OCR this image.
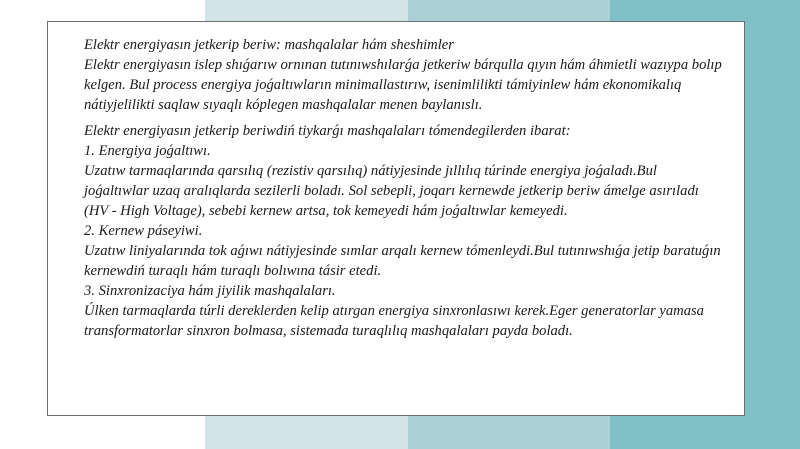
Elektr energiyasın jetkerip beriw: mashqalalar hám sheshimler

Elektr energiyasın islep shıǵarıw ornınan tutınıwshılarǵa jetkeriw bárqulla qıyın hám áhmietli wazıypa bolıp kelgen. Bul process energiya joǵaltıwların minimallastırıw, isenimlilikti támiyinlew hám ekonomikalıq nátiyjelilikti saqlaw sıyaqlı kóplegen mashqalalar menen baylanıslı.

Elektr energiyasın jetkerip beriwdiń tiykarǵı mashqalaları tómendegilerden ibarat:

1. Energiya joǵaltıwı.

Uzatıw tarmaqlarında qarsılıq (rezistiv qarsılıq) nátiyjesinde jıllılıq túrinde energiya joǵaladı.Bul joǵaltıwlar uzaq aralıqlarda sezilerli boladı. Sol sebepli, joqarı kernewde jetkerip beriw ámelge asırıladı (HV - High Voltage), sebebi kernew artsa, tok kemeyedi hám joǵaltıwlar kemeyedi.

2. Kernew páseyiwi.

Uzatıw liniyalarında tok aǵıwı nátiyjesinde sımlar arqalı kernew tómenleydi.Bul tutınıwshıǵa jetip baratuǵın kernewdiń turaqlı hám turaqlı bolıwına tásir etedi.

3. Sinxronizaciya hám jiyilik mashqalaları.

Úlken tarmaqlarda túrli dereklerden kelip atırgan energiya sinxronlasıwı kerek.Eger generatorlar yamasa transformatorlar sinxron bolmasa, sistemada turaqlılıq mashqalaları payda boladı.
